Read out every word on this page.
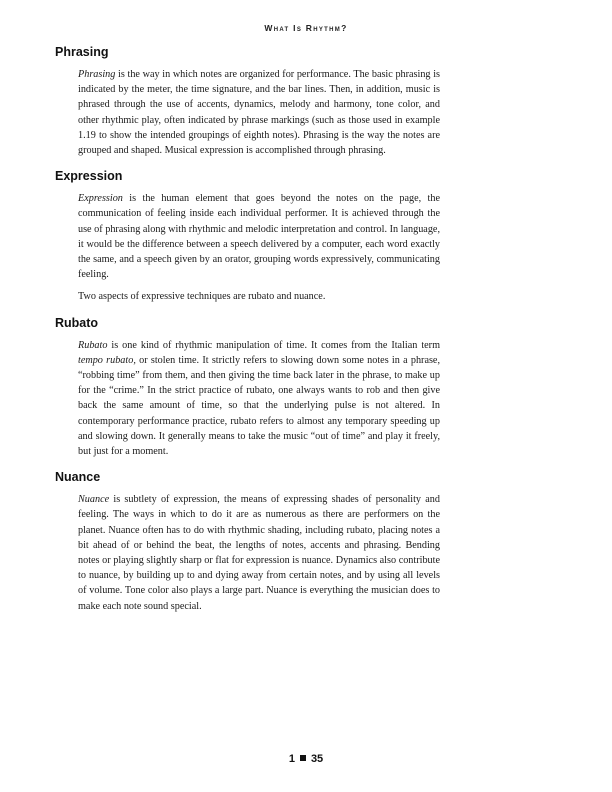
What Is Rhythm?
Phrasing

Phrasing is the way in which notes are organized for performance. The basic phrasing is indicated by the meter, the time signature, and the bar lines. Then, in addition, music is phrased through the use of accents, dynamics, melody and harmony, tone color, and other rhythmic play, often indicated by phrase markings (such as those used in example 1.19 to show the intended groupings of eighth notes). Phrasing is the way the notes are grouped and shaped. Musical expression is accomplished through phrasing.

Expression

Expression is the human element that goes beyond the notes on the page, the communication of feeling inside each individual performer. It is achieved through the use of phrasing along with rhythmic and melodic interpretation and control. In language, it would be the difference between a speech delivered by a computer, each word exactly the same, and a speech given by an orator, grouping words expressively, communicating feeling.

Two aspects of expressive techniques are rubato and nuance.

Rubato

Rubato is one kind of rhythmic manipulation of time. It comes from the Italian term tempo rubato, or stolen time. It strictly refers to slowing down some notes in a phrase, “robbing time” from them, and then giving the time back later in the phrase, to make up for the “crime.” In the strict practice of rubato, one always wants to rob and then give back the same amount of time, so that the underlying pulse is not altered. In contemporary performance practice, rubato refers to almost any temporary speeding up and slowing down. It generally means to take the music “out of time” and play it freely, but just for a moment.

Nuance

Nuance is subtlety of expression, the means of expressing shades of personality and feeling. The ways in which to do it are as numerous as there are performers on the planet. Nuance often has to do with rhythmic shading, including rubato, placing notes a bit ahead of or behind the beat, the lengths of notes, accents and phrasing. Bending notes or playing slightly sharp or flat for expression is nuance. Dynamics also contribute to nuance, by building up to and dying away from certain notes, and by using all levels of volume. Tone color also plays a large part. Nuance is everything the musician does to make each note sound special.

1 35
